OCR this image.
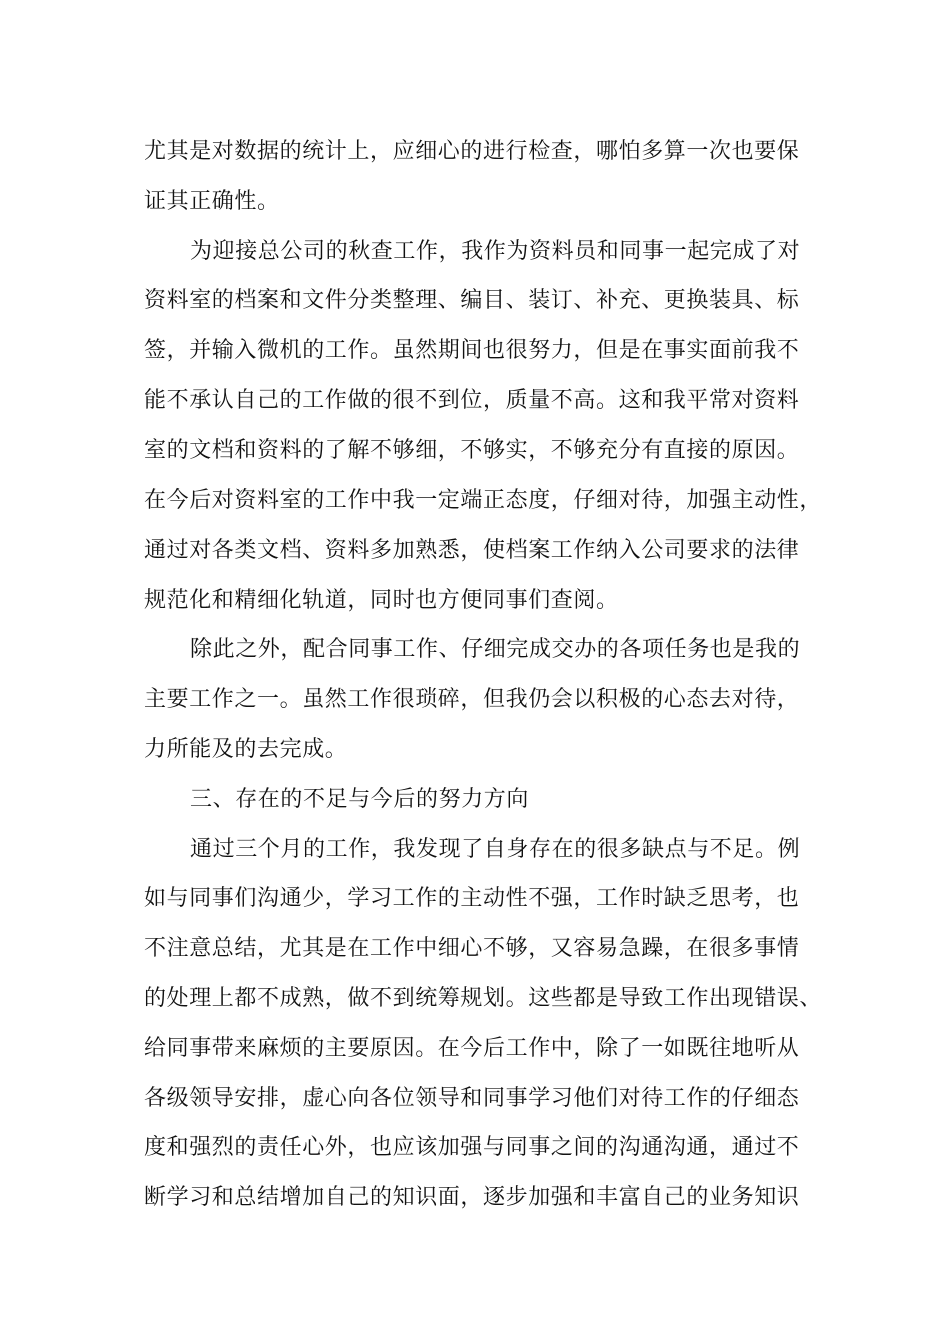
尤其是对数据的统计上，应细心的进行检查，哪怕多算一次也要保
证其正确性。
为迎接总公司的秋查工作，我作为资料员和同事一起完成了对
资料室的档案和文件分类整理、编目、装订、补充、更换装具、标
签，并输入微机的工作。虽然期间也很努力，但是在事实面前我不
能不承认自己的工作做的很不到位，质量不高。这和我平常对资料
室的文档和资料的了解不够细，不够实，不够充分有直接的原因。
在今后对资料室的工作中我一定端正态度，仔细对待，加强主动性，
通过对各类文档、资料多加熟悉，使档案工作纳入公司要求的法律
规范化和精细化轨道，同时也方便同事们查阅。
除此之外，配合同事工作、仔细完成交办的各项任务也是我的
主要工作之一。虽然工作很琐碎，但我仍会以积极的心态去对待，
力所能及的去完成。
三、存在的不足与今后的努力方向
通过三个月的工作，我发现了自身存在的很多缺点与不足。例
如与同事们沟通少，学习工作的主动性不强，工作时缺乏思考，也
不注意总结，尤其是在工作中细心不够，又容易急躁，在很多事情
的处理上都不成熟，做不到统筹规划。这些都是导致工作出现错误、
给同事带来麻烦的主要原因。在今后工作中，除了一如既往地听从
各级领导安排，虚心向各位领导和同事学习他们对待工作的仔细态
度和强烈的责任心外，也应该加强与同事之间的沟通沟通，通过不
断学习和总结增加自己的知识面，逐步加强和丰富自己的业务知识
